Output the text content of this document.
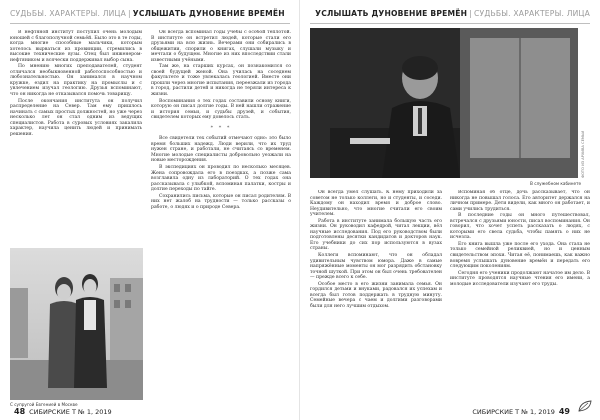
СУДЬБЫ. ХАРАКТЕРЫ. ЛИЦА | УСЛЫШАТЬ ДУНОВЕНИЕ ВРЕМЁН

В нефтяной институт поступил очень молодым юношей с благополучной семьёй. Было это в те годы, когда многие способные мальчики, которым хотелось вырваться из провинции, стремились в высокие технические вузы. Отец был инженером-нефтяником и всячески поддерживал выбор сына.

По мнению многих преподавателей, студент отличался необыкновенной работоспособностью и любознательностью. Он занимался в научном кружке, ездил на практику на промыслы и с увлечением изучал геологию. Друзья вспоминают, что он никогда не отказывался помочь товарищу.

После окончания института он получил распределение на Север. Там ему пришлось начинать с самых простых должностей, но уже через несколько лет он стал одним из ведущих специалистов. Работа в суровых условиях закалила характер, научила ценить людей и принимать решения.

Он всегда вспоминал годы учёбы с особой теплотой. В институте он встретил людей, которые стали его друзьями на всю жизнь. Вечерами они собирались в общежитии, спорили о книгах, слушали музыку и мечтали о будущем. Многие из них впоследствии стали известными учёными.

Там же, на старших курсах, он познакомился со своей будущей женой. Она училась на соседнем факультете и тоже увлекалась геологией. Вместе они прошли через многие испытания, переезжали из города в город, растили детей и никогда не теряли интереса к жизни.

Воспоминания о тех годах составили основу книги, которую он писал долгие годы. В ней нашли отражение и история семьи, и судьбы друзей, и события, свидетелем которых ему довелось стать.

* * *

Все свидетели тех событий отмечают одно: это было время больших надежд. Люди верили, что их труд нужен стране, и работали, не считаясь со временем. Многие молодые специалисты добровольно уезжали на новые месторождения.

В экспедициях он проводил по несколько месяцев. Жена сопровождала его в поездках, а позже сама возглавила одну из лабораторий. О тех годах она рассказывала с улыбкой, вспоминая палатки, костры и долгие переходы по тайге.

Сохранились письма, которые он писал родителям. В них нет жалоб на трудности — только рассказы о работе, о людях и о природе Севера.

С супругой Евгенией в Москве
48 СИБИРСКИЕ Т № 1, 2019
УСЛЫШАТЬ ДУНОВЕНИЕ ВРЕМЁН | СУДЬБЫ. ХАРАКТЕРЫ. ЛИЦА
ФОТО ИЗ АРХИВА СЕМЬИ
В служебном кабинете

Он всегда умел слушать. К нему приходили за советом не только коллеги, но и студенты, и соседи. Каждому он находил время и доброе слово. Неудивительно, что многие считали его своим учителем.

Работа в институте занимала большую часть его жизни. Он руководил кафедрой, читал лекции, вёл научные исследования. Под его руководством были подготовлены десятки кандидатов и докторов наук. Его учебники до сих пор используются в вузах страны.

Коллеги вспоминают, что он обладал удивительным чувством юмора. Даже в самые напряжённые моменты он мог разрядить обстановку точной шуткой. При этом он был очень требователен — прежде всего к себе.

Особое место в его жизни занимала семья. Он гордился детьми и внуками, радовался их успехам и всегда был готов поддержать в трудную минуту. Семейные вечера с чаем и долгими разговорами были для него лучшим отдыхом.

Вспоминая об отце, дочь рассказывает, что он никогда не повышал голоса. Его авторитет держался на личном примере. Дети видели, как много он работает, и сами учились трудиться.

В последние годы он много путешествовал, встречался с друзьями юности, писал воспоминания. Он говорил, что хочет успеть рассказать о людях, с которыми его свела судьба, чтобы память о них не исчезла.

Его книга вышла уже после его ухода. Она стала не только семейной реликвией, но и ценным свидетельством эпохи. Читая её, понимаешь, как важно вовремя услышать дуновение времён и передать его следующим поколениям.

Сегодня его ученики продолжают начатое им дело. В институте проводятся научные чтения его имени, а молодые исследователи изучают его труды.

СИБИРСКИЕ Т № 1, 2019 49
